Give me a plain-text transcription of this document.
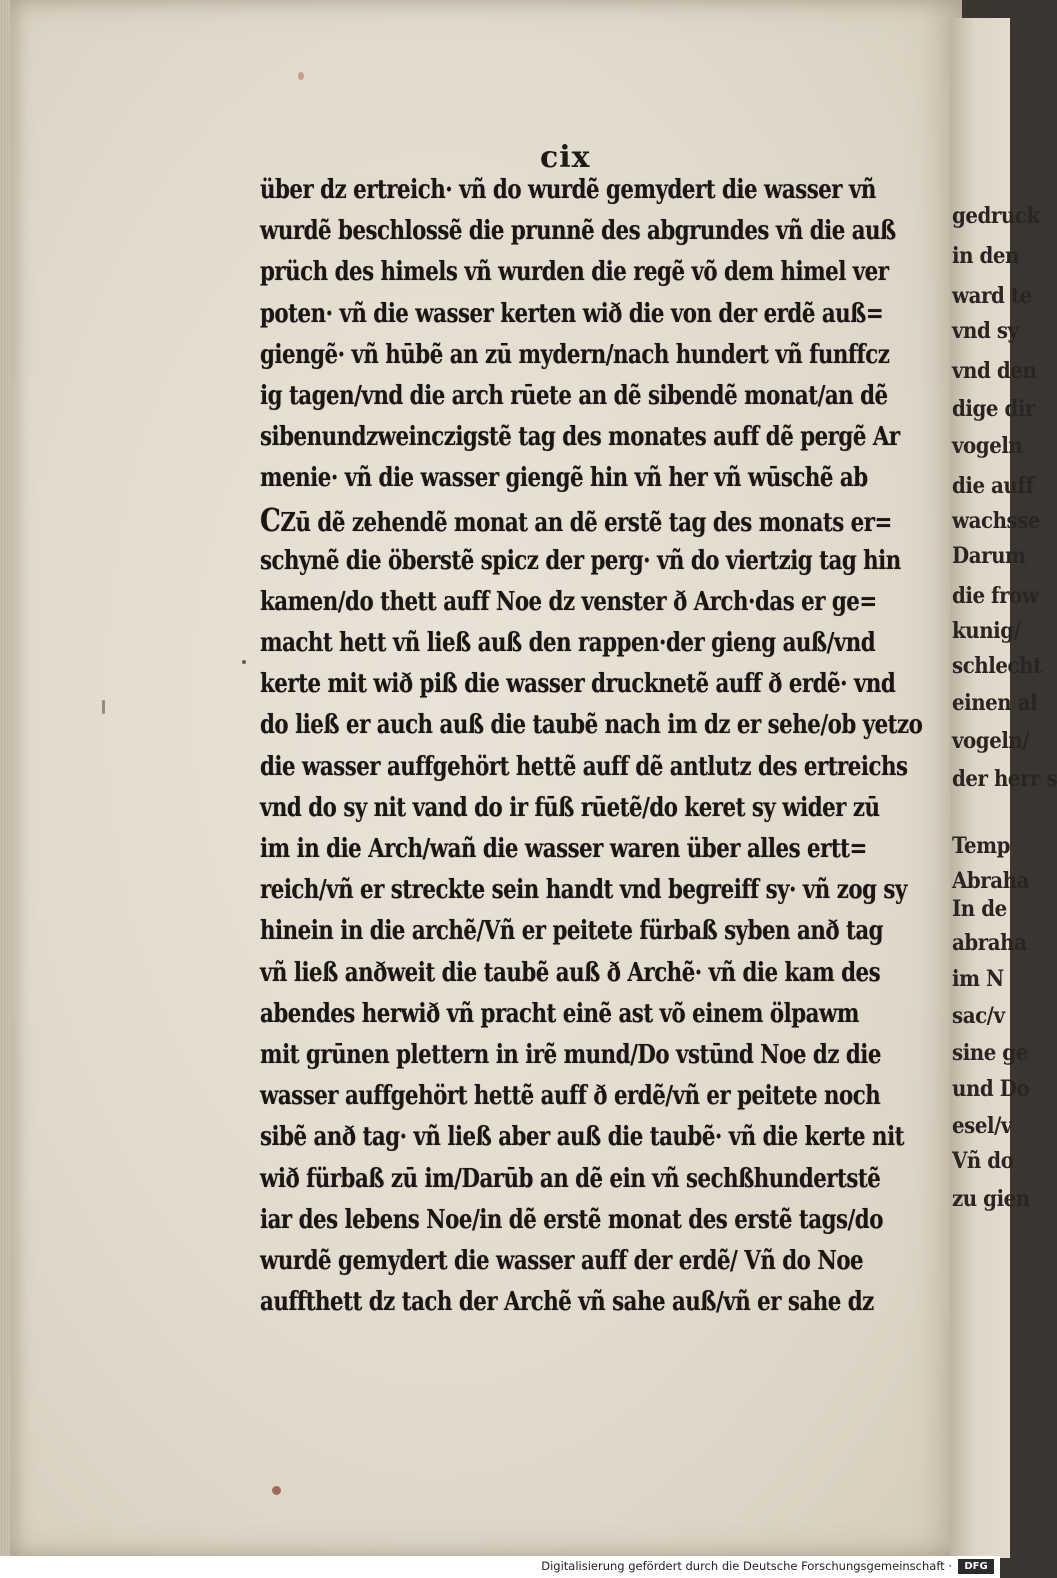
cix
über dz ertreich· vñ do wurdẽ gemydert die wasser vñ
wurdẽ beschlossẽ die prunnẽ des abgrundes vñ die auß
prüch des himels vñ wurden die regẽ võ dem himel ver
poten· vñ die wasser kerten wið die von der erdẽ auß=
giengẽ· vñ hūbẽ an zū mydern/nach hundert vñ funffcz
ig tagen/vnd die arch rūete an dẽ sibendẽ monat/an dẽ
sibenundzweinczigstẽ tag des monates auff dẽ pergẽ Ar
menie· vñ die wasser giengẽ hin vñ her vñ wūschẽ ab
CZū dẽ zehendẽ monat an dẽ erstẽ tag des monats er=
schynẽ die öberstẽ spicz der perg· vñ do viertzig tag hin
kamen/do thett auff Noe dz venster ð Arch·das er ge=
macht hett vñ ließ auß den rappen·der gieng auß/vnd
kerte mit wið piß die wasser drucknetẽ auff ð erdẽ· vnd
do ließ er auch auß die taubẽ nach im dz er sehe/ob yetzo
die wasser auffgehört hettẽ auff dẽ antlutz des ertreichs
vnd do sy nit vand do ir fūß rūetẽ/do keret sy wider zū
im in die Arch/wañ die wasser waren über alles ertt=
reich/vñ er streckte sein handt vnd begreiff sy· vñ zog sy
hinein in die archẽ/Vñ er peitete fürbaß syben anð tag
vñ ließ anðweit die taubẽ auß ð Archẽ· vñ die kam des
abendes herwið vñ pracht einẽ ast võ einem ölpawm
mit grūnen plettern in irẽ mund/Do vstūnd Noe dz die
wasser auffgehört hettẽ auff ð erdẽ/vñ er peitete noch
sibẽ anð tag· vñ ließ aber auß die taubẽ· vñ die kerte nit
wið fürbaß zū im/Darūb an dẽ ein vñ sechßhundertstẽ
iar des lebens Noe/in dẽ erstẽ monat des erstẽ tags/do
wurdẽ gemydert die wasser auff der erdẽ/ Vñ do Noe
auffthett dz tach der Archẽ vñ sahe auß/vñ er sahe dz
gedruck
in den
ward te
vnd sy
vnd den
dige dir
vogeln
die auff
wachsse
Darum
die frow
kunig/
schlecht
einen al
vogeln/
der herr s
Temp
Abraha
In de
abraha
im N
sac/v
sine ge
und Do
esel/v
Vñ do
zu gien
Digitalisierung gefördert durch die Deutsche Forschungsgemeinschaft ·	DFG
